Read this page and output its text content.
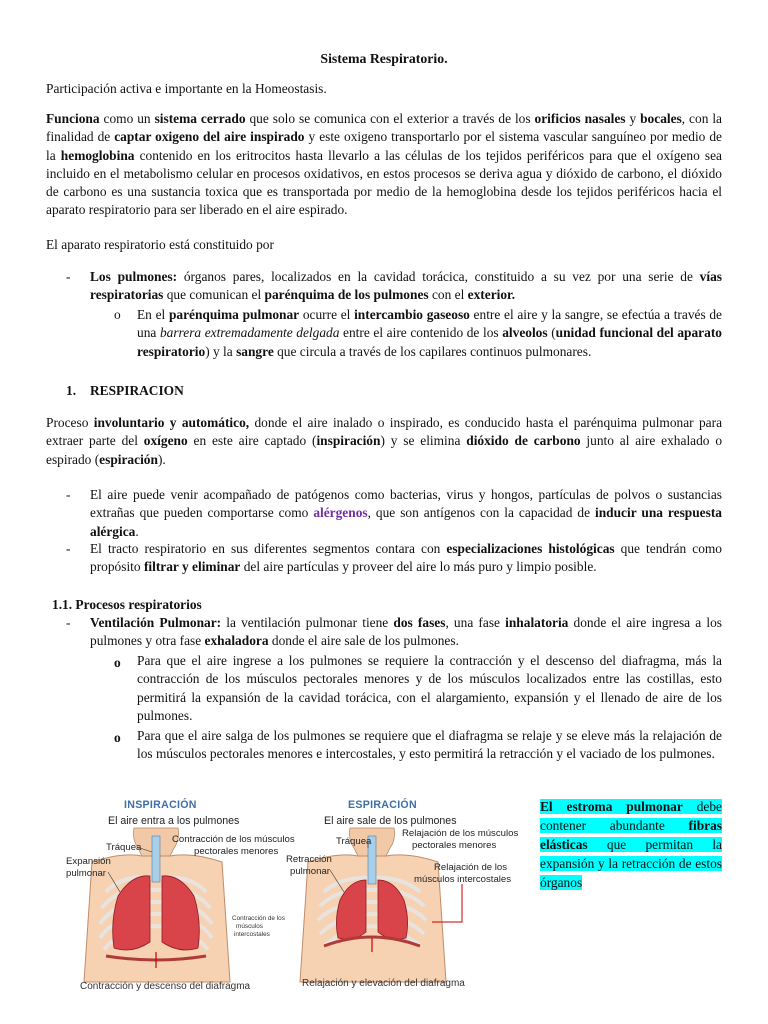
Sistema Respiratorio.
Participación activa e importante en la Homeostasis.
Funciona como un sistema cerrado que solo se comunica con el exterior a través de los orificios nasales y bocales, con la finalidad de captar oxigeno del aire inspirado y este oxigeno transportarlo por el sistema vascular sanguíneo por medio de la hemoglobina contenido en los eritrocitos hasta llevarlo a las células de los tejidos periféricos para que el oxígeno sea incluido en el metabolismo celular en procesos oxidativos, en estos procesos se deriva agua y dióxido de carbono, el dióxido de carbono es una sustancia toxica que es transportada por medio de la hemoglobina desde los tejidos periféricos hacia el aparato respiratorio para ser liberado en el aire espirado.
El aparato respiratorio está constituido por
-	Los pulmones: órganos pares, localizados en la cavidad torácica, constituido a su vez por una serie de vías respiratorias que comunican el parénquima de los pulmones con el exterior.
o	En el parénquima pulmonar ocurre el intercambio gaseoso entre el aire y la sangre, se efectúa a través de una barrera extremadamente delgada entre el aire contenido de los alveolos (unidad funcional del aparato respiratorio) y la sangre que circula a través de los capilares continuos pulmonares.
1. RESPIRACION
Proceso involuntario y automático, donde el aire inalado o inspirado, es conducido hasta el parénquima pulmonar para extraer parte del oxígeno en este aire captado (inspiración) y se elimina dióxido de carbono junto al aire exhalado o espirado (espiración).
-	El aire puede venir acompañado de patógenos como bacterias, virus y hongos, partículas de polvos o sustancias extrañas que pueden comportarse como alérgenos, que son antígenos con la capacidad de inducir una respuesta alérgica.
-	El tracto respiratorio en sus diferentes segmentos contara con especializaciones histológicas que tendrán como propósito filtrar y eliminar del aire partículas y proveer del aire lo más puro y limpio posible.
1.1. Procesos respiratorios
-	Ventilación Pulmonar: la ventilación pulmonar tiene dos fases, una fase inhalatoria donde el aire ingresa a los pulmones y otra fase exhaladora donde el aire sale de los pulmones.
o	Para que el aire ingrese a los pulmones se requiere la contracción y el descenso del diafragma, más la contracción de los músculos pectorales menores y de los músculos localizados entre las costillas, esto permitirá la expansión de la cavidad torácica, con el alargamiento, expansión y el llenado de aire de los pulmones.
o	Para que el aire salga de los pulmones se requiere que el diafragma se relaje y se eleve más la relajación de los músculos pectorales menores e intercostales, y esto permitirá la retracción y el vaciado de los pulmones.
INSPIRACIÓN
El aire entra a los pulmones
Tráquea
Contracción de los músculos
pectorales menores
Expansión
pulmonar
Contracción de los
músculos
intercostales
Contracción y descenso del diafragma
ESPIRACIÓN
El aire sale de los pulmones
Tráquea
Relajación de los músculos
pectorales menores
Retracción
pulmonar	Relajación de los
músculos intercostales
Relajación y elevación del diafragma
El estroma pulmonar debe contener abundante fibras elásticas que permitan la expansión y la retracción de estos órganos
